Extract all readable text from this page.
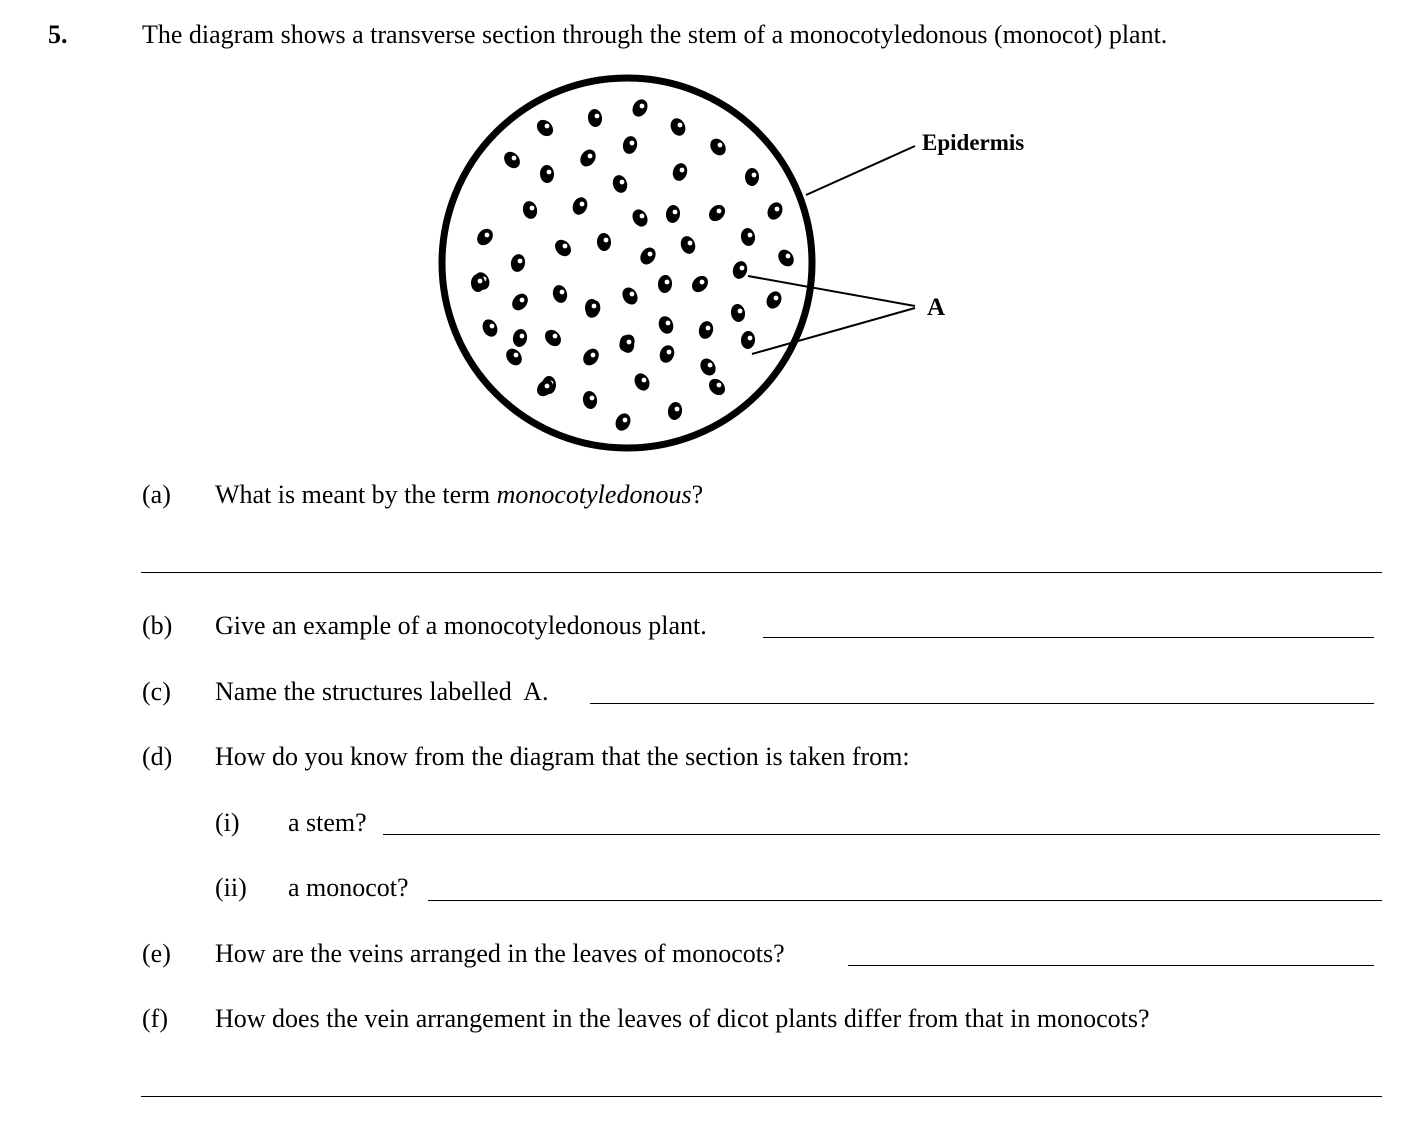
5.	The diagram shows a transverse section through the stem of a monocotyledonous (monocot) plant.
Epidermis
A
(a) What is meant by the term monocotyledonous?
(b) Give an example of a monocotyledonous plant.
(c) Name the structures labelled  A.
(d) How do you know from the diagram that the section is taken from:
(i) a stem?
(ii) a monocot?
(e) How are the veins arranged in the leaves of monocots?
(f) How does the vein arrangement in the leaves of dicot plants differ from that in monocots?
